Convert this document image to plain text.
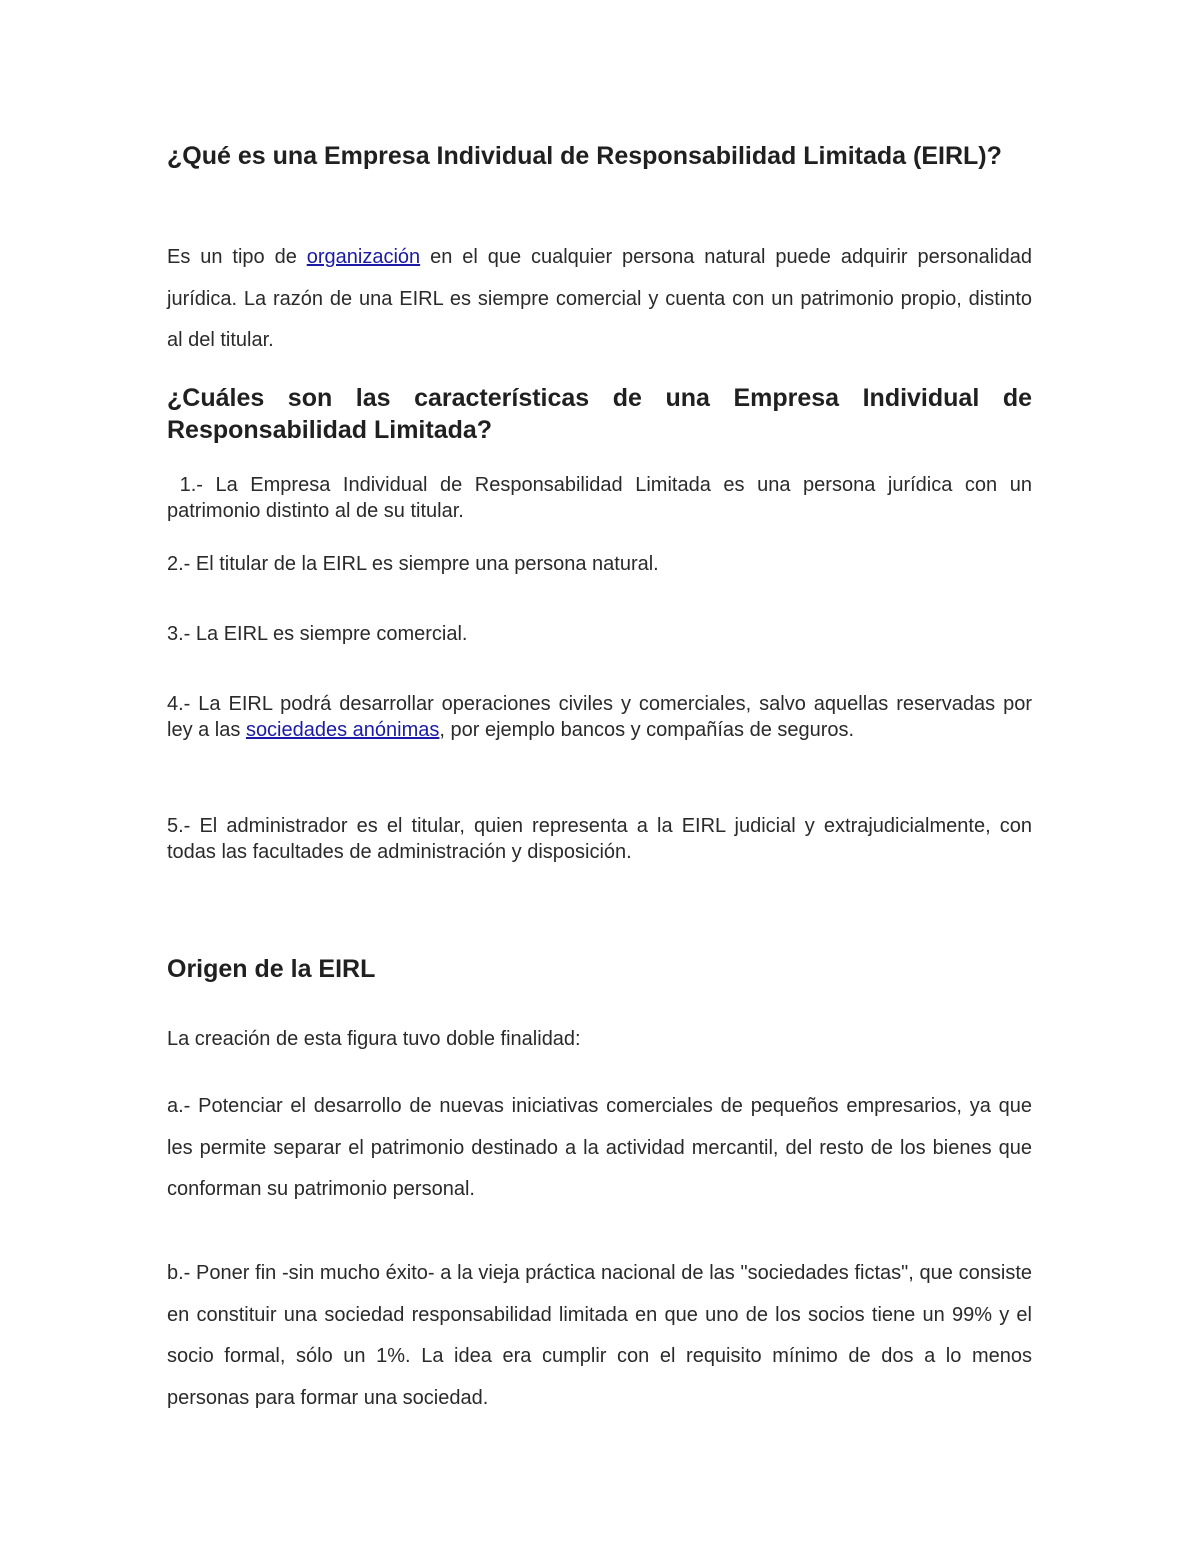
¿Qué es una Empresa Individual de Responsabilidad Limitada (EIRL)?

Es un tipo de organización en el que cualquier persona natural puede adquirir personalidad jurídica. La razón de una EIRL es siempre comercial y cuenta con un patrimonio propio, distinto al del titular.

¿Cuáles son las características de una Empresa Individual de Responsabilidad Limitada?

1.- La Empresa Individual de Responsabilidad Limitada es una persona jurídica con un patrimonio distinto al de su titular.

2.- El titular de la EIRL es siempre una persona natural.

3.- La EIRL es siempre comercial.

4.- La EIRL podrá desarrollar operaciones civiles y comerciales, salvo aquellas reservadas por ley a las sociedades anónimas, por ejemplo bancos y compañías de seguros.

5.- El administrador es el titular, quien representa a la EIRL judicial y extrajudicialmente, con todas las facultades de administración y disposición.

Origen de la EIRL

La creación de esta figura tuvo doble finalidad:

a.- Potenciar el desarrollo de nuevas iniciativas comerciales de pequeños empresarios, ya que les permite separar el patrimonio destinado a la actividad mercantil, del resto de los bienes que conforman su patrimonio personal.

b.- Poner fin -sin mucho éxito- a la vieja práctica nacional de las "sociedades fictas", que consiste en constituir una sociedad responsabilidad limitada en que uno de los socios tiene un 99% y el socio formal, sólo un 1%. La idea era cumplir con el requisito mínimo de dos a lo menos personas para formar una sociedad.
